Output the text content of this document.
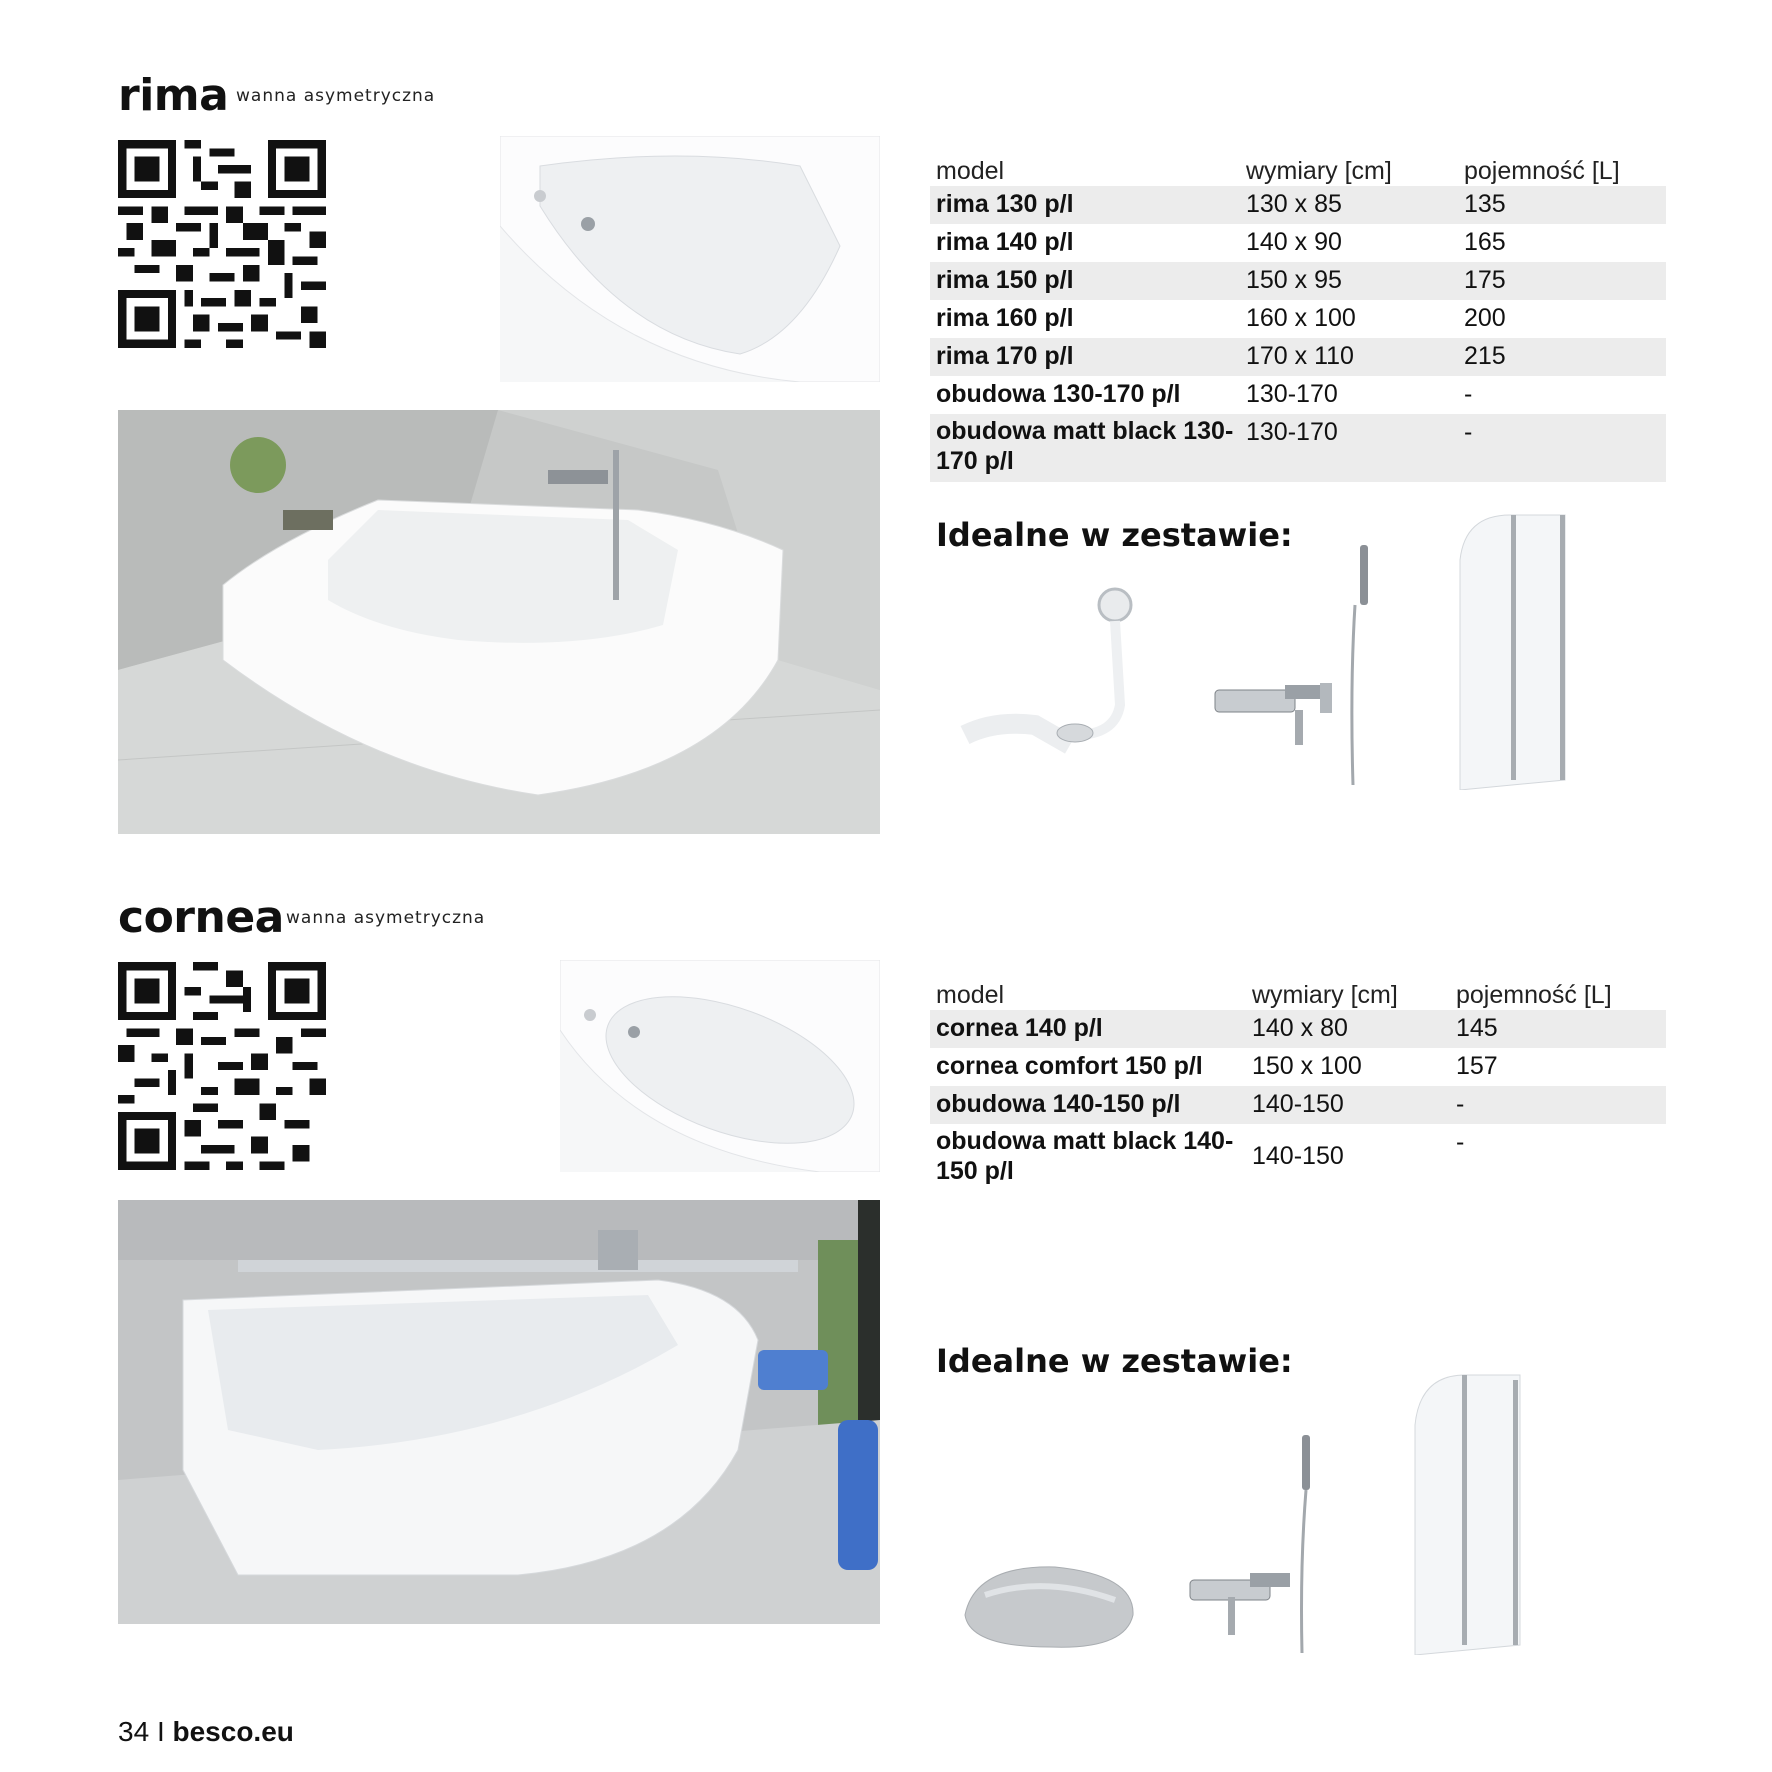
rima wanna asymetryczna
model	wymiary [cm]	pojemność [L]
rima 130 p/l	130 x 85	135
rima 140 p/l	140 x 90	165
rima 150 p/l	150 x 95	175
rima 160 p/l	160 x 100	200
rima 170 p/l	170 x 110	215
obudowa 130-170 p/l	130-170	-
obudowa matt black 130-170 p/l	130-170	-
Idealne w zestawie:
cornea wanna asymetryczna
model	wymiary [cm]	pojemność [L]
cornea 140 p/l	140 x 80	145
cornea comfort 150 p/l	150 x 100	157
obudowa 140-150 p/l	140-150	-
obudowa matt black 140-150 p/l	140-150	-
Idealne w zestawie:
34 I besco.eu
